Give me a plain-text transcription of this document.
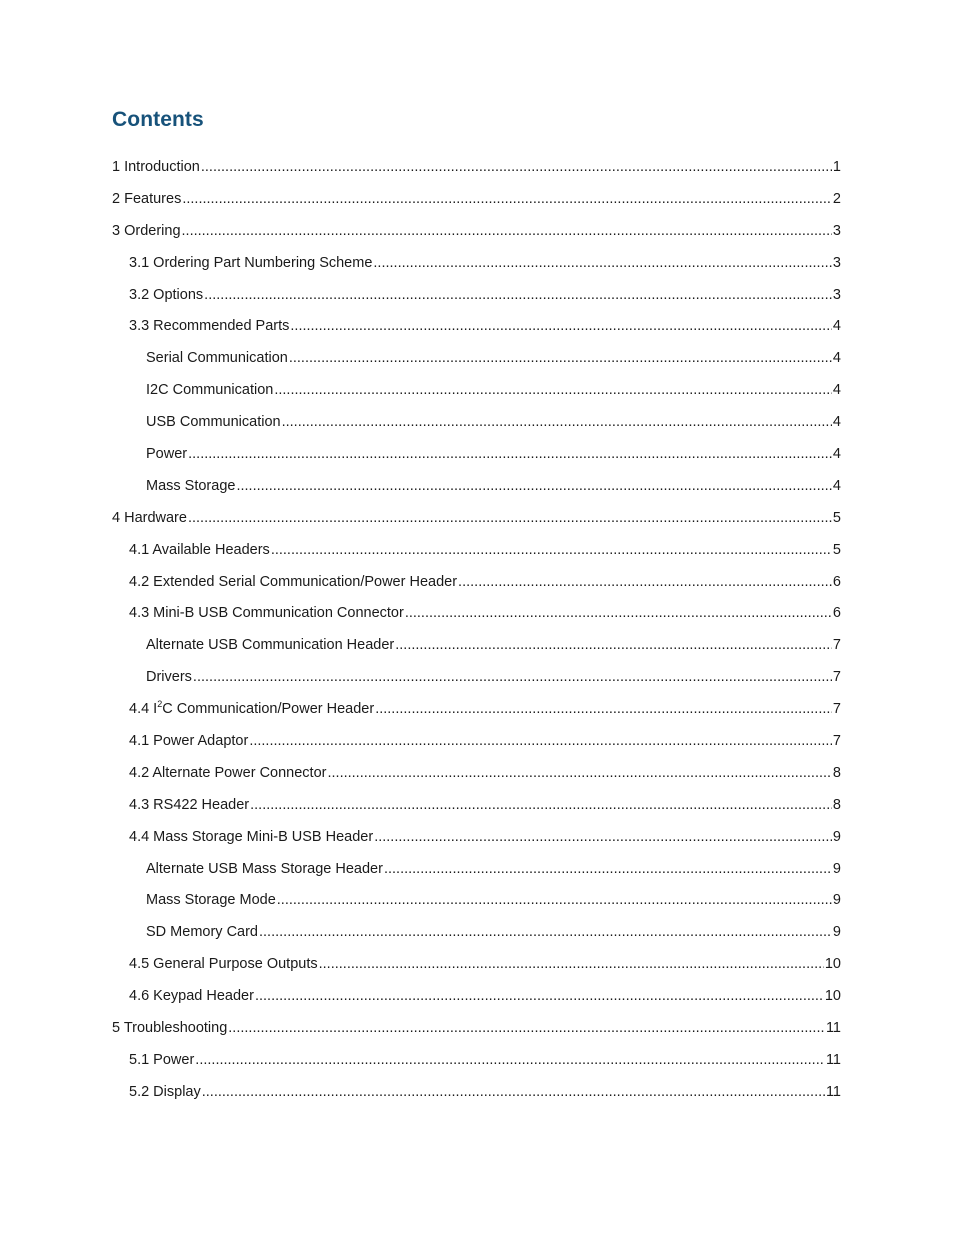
Contents
1 Introduction .....	1
2 Features .....	2
3 Ordering .....	3
3.1 Ordering Part Numbering Scheme .....	3
3.2 Options .....	3
3.3 Recommended Parts .....	4
Serial Communication .....	4
I2C Communication .....	4
USB Communication .....	4
Power .....	4
Mass Storage .....	4
4 Hardware .....	5
4.1 Available Headers .....	5
4.2 Extended Serial Communication/Power Header .....	6
4.3 Mini-B USB Communication Connector .....	6
Alternate USB Communication Header .....	7
Drivers .....	7
4.4 $I^2C$ Communication/Power Header .....	7
4.1 Power Adaptor .....	7
4.2 Alternate Power Connector .....	8
4.3 RS422 Header .....	8
4.4 Mass Storage Mini-B USB Header .....	9
Alternate USB Mass Storage Header .....	9
Mass Storage Mode .....	9
SD Memory Card .....	9
4.5 General Purpose Outputs .....	10
4.6 Keypad Header .....	10
5 Troubleshooting .....	11
5.1 Power .....	11
5.2 Display .....	11
